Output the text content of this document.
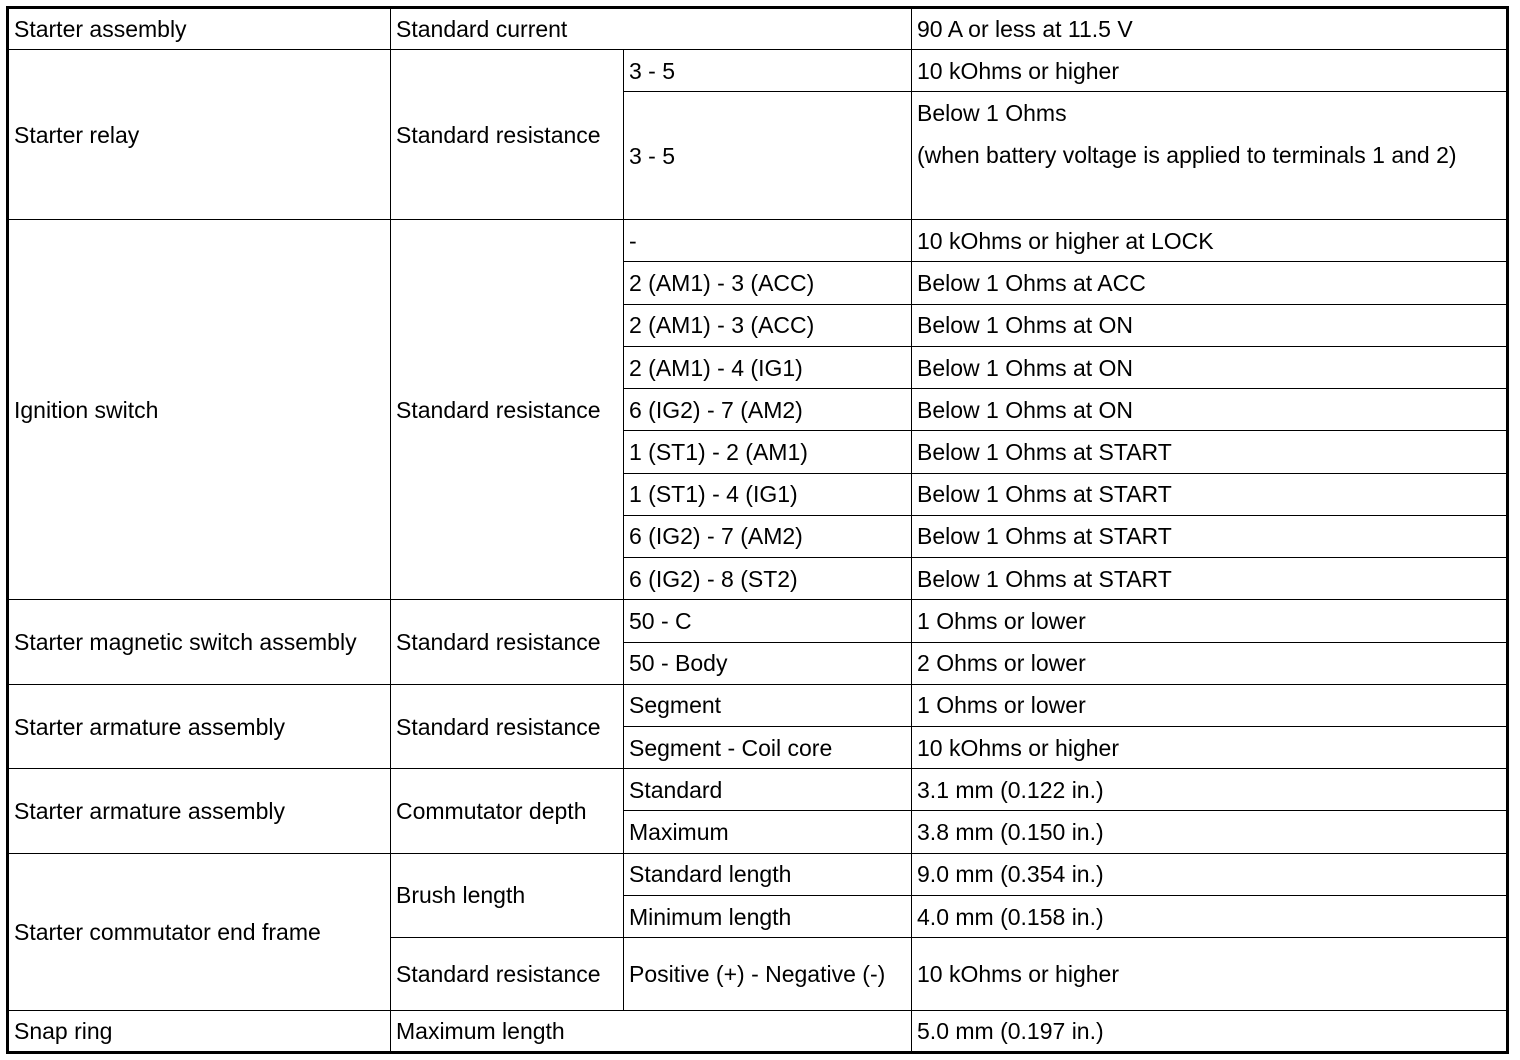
Starter assembly	Standard current		90 A or less at 11.5 V
Starter relay	Standard resistance	3 - 5	10 kOhms or higher
		3 - 5	Below 1 Ohms
(when battery voltage is applied to terminals 1 and 2)

Ignition switch	Standard resistance	-	10 kOhms or higher at LOCK
		2 (AM1) - 3 (ACC)	Below 1 Ohms at ACC
		2 (AM1) - 3 (ACC)	Below 1 Ohms at ON
		2 (AM1) - 4 (IG1)	Below 1 Ohms at ON
		6 (IG2) - 7 (AM2)	Below 1 Ohms at ON
		1 (ST1) - 2 (AM1)	Below 1 Ohms at START
		1 (ST1) - 4 (IG1)	Below 1 Ohms at START
		6 (IG2) - 7 (AM2)	Below 1 Ohms at START
		6 (IG2) - 8 (ST2)	Below 1 Ohms at START
Starter magnetic switch assembly	Standard resistance	50 - C	1 Ohms or lower
		50 - Body	2 Ohms or lower
Starter armature assembly	Standard resistance	Segment	1 Ohms or lower
		Segment - Coil core	10 kOhms or higher
Starter armature assembly	Commutator depth	Standard	3.1 mm (0.122 in.)
		Maximum	3.8 mm (0.150 in.)
Starter commutator end frame	Brush length	Standard length	9.0 mm (0.354 in.)
		Minimum length	4.0 mm (0.158 in.)
	Standard resistance	Positive (+) - Negative (-)	10 kOhms or higher
Snap ring	Maximum length		5.0 mm (0.197 in.)
